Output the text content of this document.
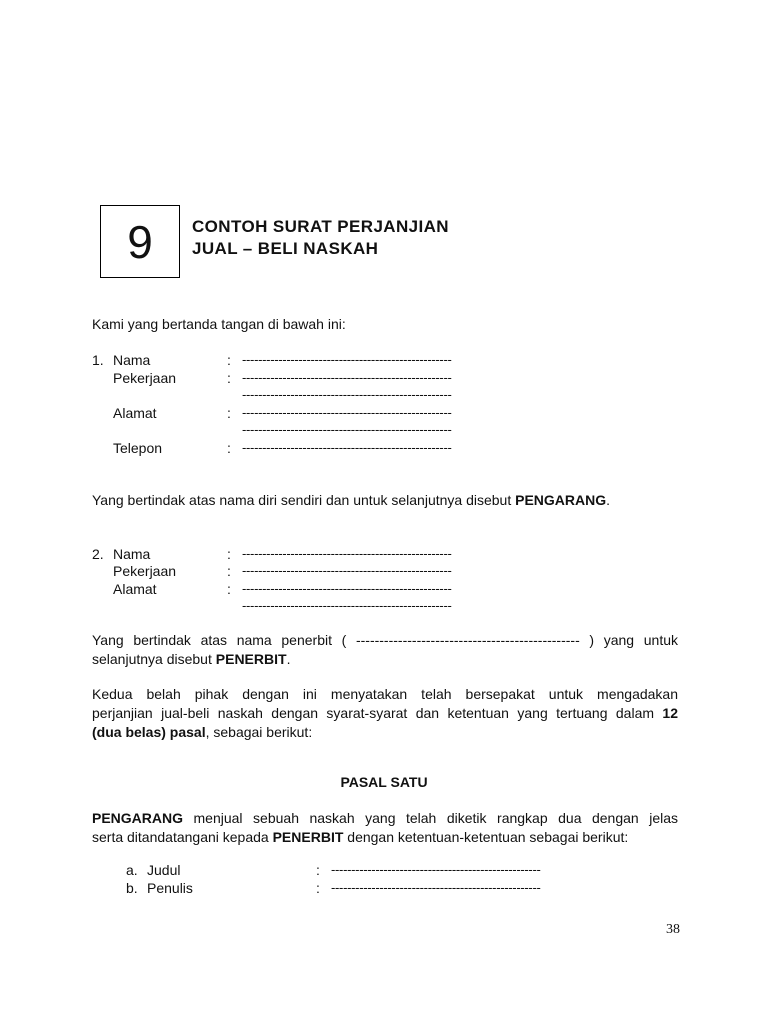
9 CONTOH SURAT PERJANJIAN
JUAL – BELI NASKAH
Kami yang bertanda tangan di bawah ini:
1. Nama	: ----------------------------------------------------
Pekerjaan	: ----------------------------------------------------
----------------------------------------------------
Alamat	: ----------------------------------------------------
----------------------------------------------------
Telepon	: ----------------------------------------------------
Yang bertindak atas nama diri sendiri dan untuk selanjutnya disebut PENGARANG.
2. Nama	: ----------------------------------------------------
Pekerjaan	: ----------------------------------------------------
Alamat	: ----------------------------------------------------
----------------------------------------------------
Yang bertindak atas nama penerbit ( ------------------------------------------------ ) yang untuk
selanjutnya disebut PENERBIT.
Kedua belah pihak dengan ini menyatakan telah bersepakat untuk mengadakan
perjanjian jual-beli naskah dengan syarat-syarat dan ketentuan yang tertuang dalam 12
(dua belas) pasal, sebagai berikut:
PASAL SATU
PENGARANG menjual sebuah naskah yang telah diketik rangkap dua dengan jelas
serta ditandatangani kepada PENERBIT dengan ketentuan-ketentuan sebagai berikut:
a. Judul	: ----------------------------------------------------
b. Penulis	: ----------------------------------------------------
38
